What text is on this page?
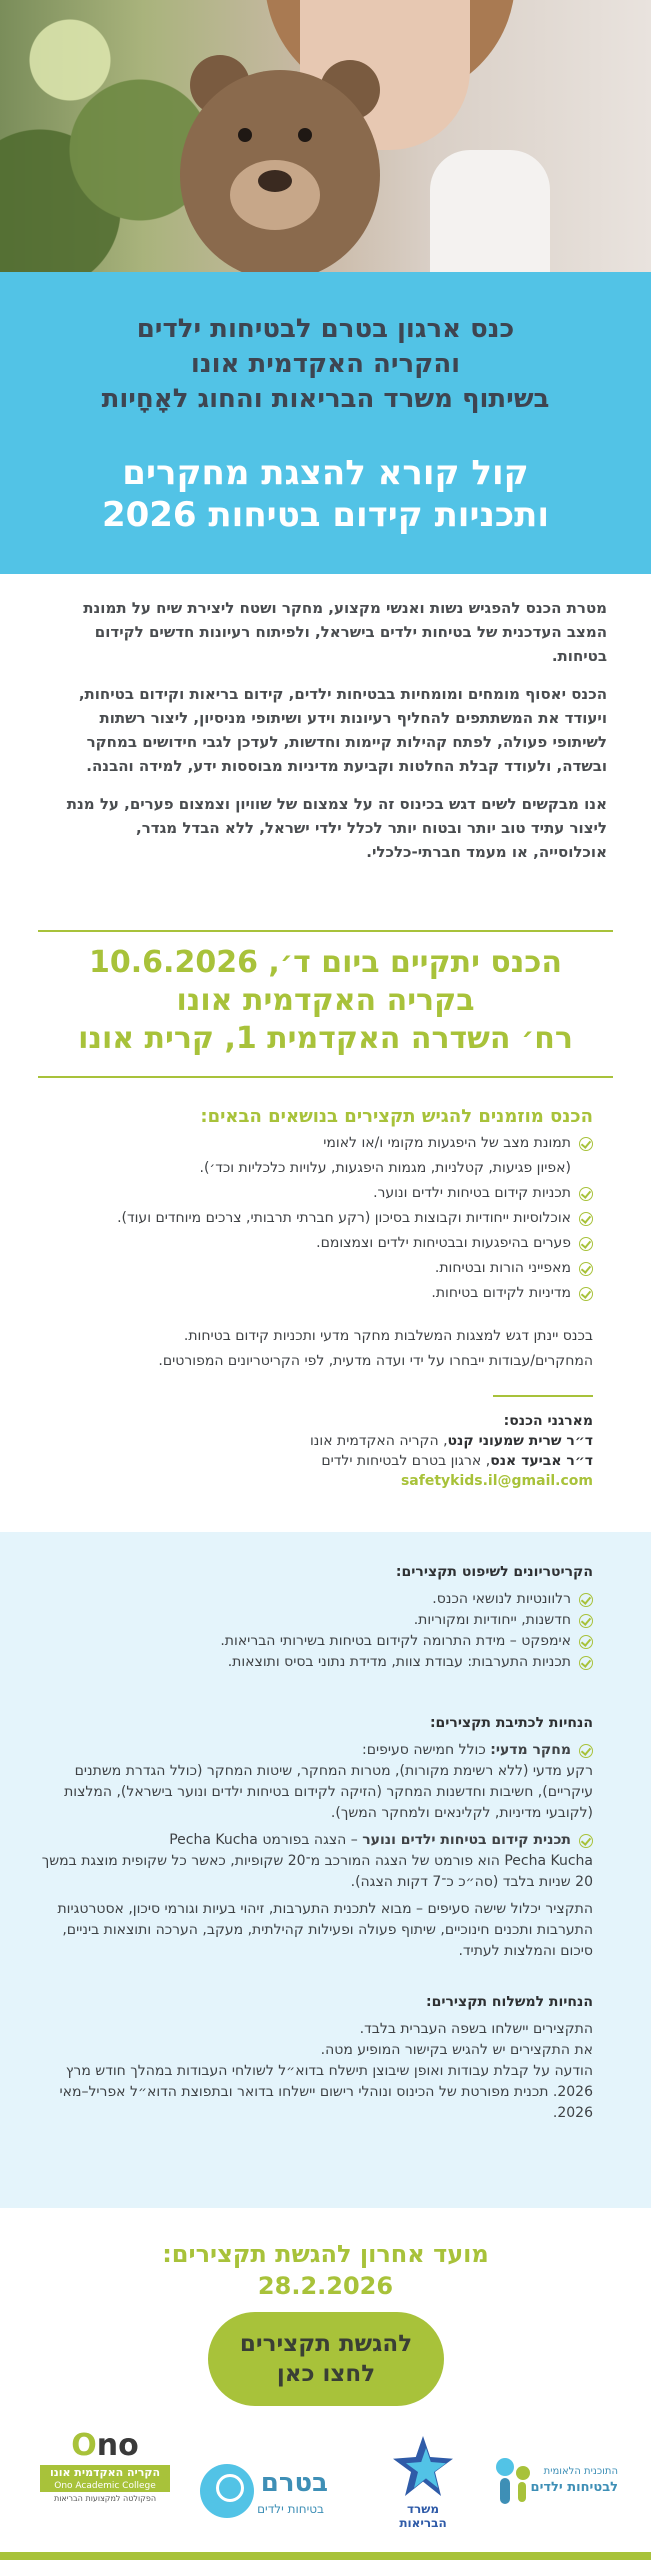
כנס ארגון בטרם לבטיחות ילדים
והקריה האקדמית אונו
בשיתוף משרד הבריאות והחוג לאָחָיות
קול קורא להצגת מחקרים
ותכניות קידום בטיחות 2026

מטרת הכנס להפגיש נשות ואנשי מקצוע, מחקר ושטח ליצירת שיח על תמונת המצב העדכנית של בטיחות ילדים בישראל, ולפיתוח רעיונות חדשים לקידום בטיחות.

הכנס יאסוף מומחים ומומחיות בבטיחות ילדים, קידום בריאות וקידום בטיחות, ויעודד את המשתתפים להחליף רעיונות וידע ושיתופי מניסיון, ליצור רשתות לשיתופי פעולה, לפתח קהילות קיימות וחדשות, לעדכן לגבי חידושים במחקר ובשדה, ולעודד קבלת החלטות וקביעת מדיניות מבוססות ידע, למידה והבנה.

אנו מבקשים לשים דגש בכינוס זה על צמצום של שוויון וצמצום פערים, על מנת ליצור עתיד טוב יותר ובטוח יותר לכלל ילדי ישראל, ללא הבדל מגדר, אוכלוסייה, או מעמד חברתי-כלכלי.

הכנס יתקיים ביום ד׳, 10.6.2026
בקריה האקדמית אונו
רח׳ השדרה האקדמית 1, קרית אונו
הכנס מוזמנים להגיש תקצירים בנושאים הבאים:
תמונת מצב של היפגעות מקומי ו/או לאומי
(אפיון פגיעות, קטלניות, מגמות היפגעות, עלויות כלכליות וכד׳).
תכניות קידום בטיחות ילדים ונוער.
אוכלוסיות ייחודיות וקבוצות בסיכון (רקע חברתי תרבותי, צרכים מיוחדים ועוד).
פערים בהיפגעות ובבטיחות ילדים וצמצומם.
מאפייני הורות ובטיחות.
מדיניות לקידום בטיחות.
בכנס יינתן דגש למצגות המשלבות מחקר מדעי ותכניות קידום בטיחות.
המחקרים/עבודות ייבחרו על ידי ועדה מדעית, לפי הקריטריונים המפורטים.
מארגני הכנס:
ד״ר שרית שמעוני קנט, הקריה האקדמית אונו
ד״ר אביעד אנס, ארגון בטרם לבטיחות ילדים
safetykids.il@gmail.com
הקריטריונים לשיפוט תקצירים:
רלוונטיות לנושאי הכנס.
חדשנות, ייחודיות ומקוריות.
אימפקט – מידת התרומה לקידום בטיחות בשירותי הבריאות.
תכניות התערבות: עבודת צוות, מדידת נתוני בסיס ותוצאות.
הנחיות לכתיבת תקצירים:
מחקר מדעי: כולל חמישה סעיפים:
רקע מדעי (ללא רשימת מקורות), מטרות המחקר, שיטות המחקר (כולל הגדרת משתנים עיקריים), חשיבות וחדשנות המחקר (הזיקה לקידום בטיחות ילדים ונוער בישראל), המלצות (לקובעי מדיניות, לקלינאים ולמחקר המשך).
תכנית קידום בטיחות ילדים ונוער – הצגה בפורמט Pecha Kucha
Pecha Kucha הוא פורמט של הצגה המורכב מ־20 שקופיות, כאשר כל שקופית מוצגת במשך 20 שניות בלבד (סה״כ כ־7 דקות הצגה).
התקציר יכלול שישה סעיפים – מבוא לתכנית התערבות, זיהוי בעיות וגורמי סיכון, אסטרטגיות התערבות ותכנים חינוכיים, שיתוף פעולה ופעילות קהילתית, מעקב, הערכה ותוצאות ביניים, סיכום והמלצות לעתיד.
הנחיות למשלוח תקצירים:
התקצירים יישלחו בשפה העברית בלבד.
את התקצירים יש להגיש בקישור המופיע מטה.
הודעה על קבלת עבודות ואופן שיבוצן תישלח בדוא״ל לשולחי העבודות במהלך חודש מרץ 2026. תכנית מפורטת של הכינוס ונוהלי רישום יישלחו בדואר ובתפוצת הדוא״ל אפריל–מאי 2026.
מועד אחרון להגשת תקצירים:
28.2.2026
להגשת תקצירים
לחצו כאן
Ono
הקריה האקדמית אונו
Ono Academic College
הפקולטה למקצועות הבריאות
בטרם
בטיחות ילדים	משרד
הבריאות
התוכנית הלאומית
לבטיחות ילדים
